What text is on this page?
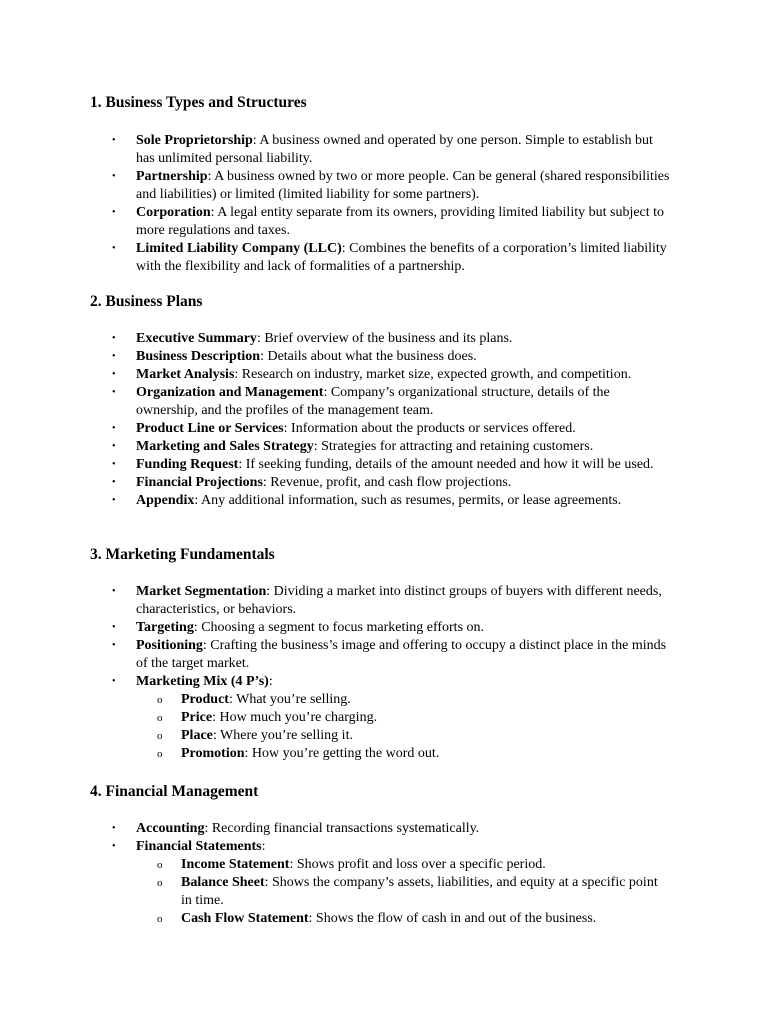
1. Business Types and Structures
•	Sole Proprietorship: A business owned and operated by one person. Simple to establish but has unlimited personal liability.
•	Partnership: A business owned by two or more people. Can be general (shared responsibilities and liabilities) or limited (limited liability for some partners).
•	Corporation: A legal entity separate from its owners, providing limited liability but subject to more regulations and taxes.
•	Limited Liability Company (LLC): Combines the benefits of a corporation’s limited liability with the flexibility and lack of formalities of a partnership.
2. Business Plans
•	Executive Summary: Brief overview of the business and its plans.
•	Business Description: Details about what the business does.
•	Market Analysis: Research on industry, market size, expected growth, and competition.
•	Organization and Management: Company’s organizational structure, details of the ownership, and the profiles of the management team.
•	Product Line or Services: Information about the products or services offered.
•	Marketing and Sales Strategy: Strategies for attracting and retaining customers.
•	Funding Request: If seeking funding, details of the amount needed and how it will be used.
•	Financial Projections: Revenue, profit, and cash flow projections.
•	Appendix: Any additional information, such as resumes, permits, or lease agreements.
3. Marketing Fundamentals
•	Market Segmentation: Dividing a market into distinct groups of buyers with different needs, characteristics, or behaviors.
•	Targeting: Choosing a segment to focus marketing efforts on.
•	Positioning: Crafting the business’s image and offering to occupy a distinct place in the minds of the target market.
•	Marketing Mix (4 P’s):
o Product: What you’re selling.
o Price: How much you’re charging.
o Place: Where you’re selling it.
o Promotion: How you’re getting the word out.
4. Financial Management
•	Accounting: Recording financial transactions systematically.
•	Financial Statements:
o Income Statement: Shows profit and loss over a specific period.
o Balance Sheet: Shows the company’s assets, liabilities, and equity at a specific point in time.
o Cash Flow Statement: Shows the flow of cash in and out of the business.
